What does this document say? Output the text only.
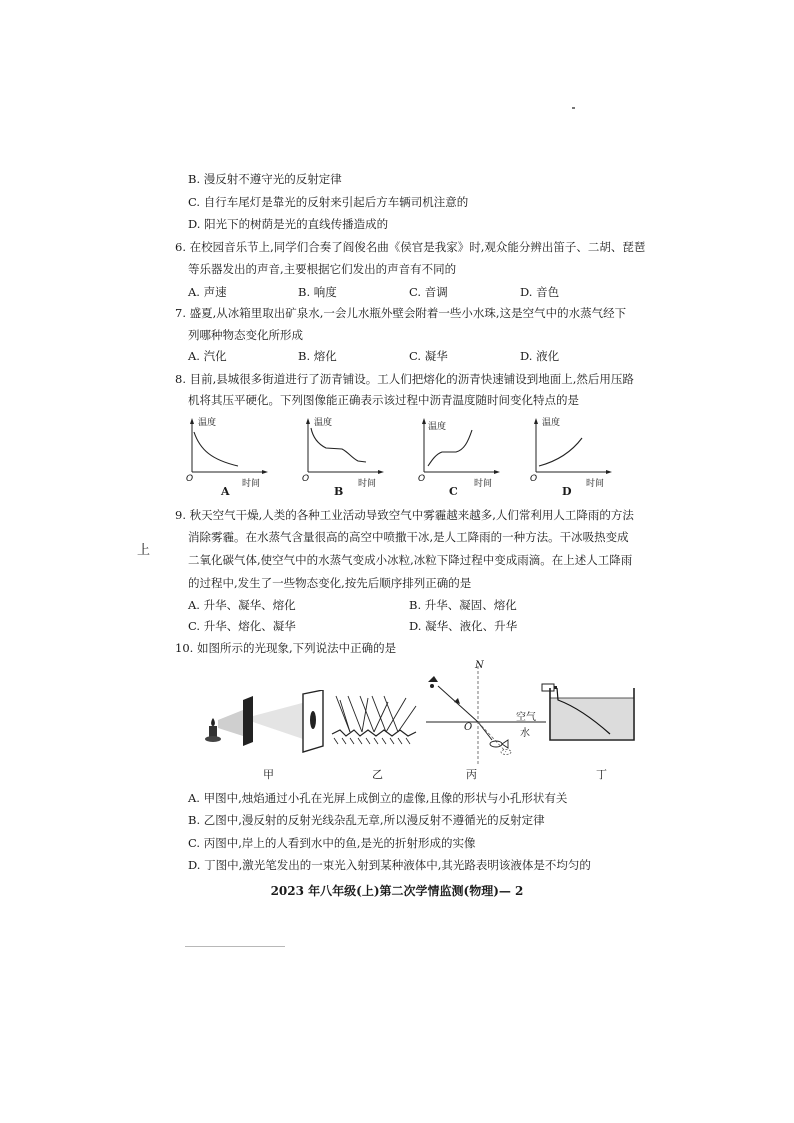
B. 漫反射不遵守光的反射定律
C. 自行车尾灯是靠光的反射来引起后方车辆司机注意的
D. 阳光下的树荫是光的直线传播造成的
6. 在校园音乐节上,同学们合奏了阎俊名曲《侯官是我家》时,观众能分辨出笛子、二胡、琵琶
等乐器发出的声音,主要根据它们发出的声音有不同的
A. 声速	B. 响度	C. 音调	D. 音色
7. 盛夏,从冰箱里取出矿泉水,一会儿水瓶外壁会附着一些小水珠,这是空气中的水蒸气经下
列哪种物态变化所形成
A. 汽化	B. 熔化	C. 凝华	D. 液化
8. 目前,县城很多街道进行了沥青铺设。工人们把熔化的沥青快速铺设到地面上,然后用压路
机将其压平硬化。下列图像能正确表示该过程中沥青温度随时间变化特点的是
温度
O	时间
A
温度
O	时间
B
温度
O	时间
C
温度
O	时间
D
9. 秋天空气干燥,人类的各种工业活动导致空气中雾霾越来越多,人们常利用人工降雨的方法
消除雾霾。在水蒸气含量很高的高空中喷撒干冰,是人工降雨的一种方法。干冰吸热变成
二氧化碳气体,使空气中的水蒸气变成小冰粒,冰粒下降过程中变成雨滴。在上述人工降雨
的过程中,发生了一些物态变化,按先后顺序排列正确的是
A. 升华、凝华、熔化	B. 升华、凝固、熔化
C. 升华、熔化、凝华	D. 凝华、液化、升华
上
10. 如图所示的光现象,下列说法中正确的是
甲	乙
N
O
空气
水
丙	丁
A. 甲图中,烛焰通过小孔在光屏上成倒立的虚像,且像的形状与小孔形状有关
B. 乙图中,漫反射的反射光线杂乱无章,所以漫反射不遵循光的反射定律
C. 丙图中,岸上的人看到水中的鱼,是光的折射形成的实像
D. 丁图中,激光笔发出的一束光入射到某种液体中,其光路表明该液体是不均匀的
2023 年八年级(上)第二次学情监测(物理)— 2
